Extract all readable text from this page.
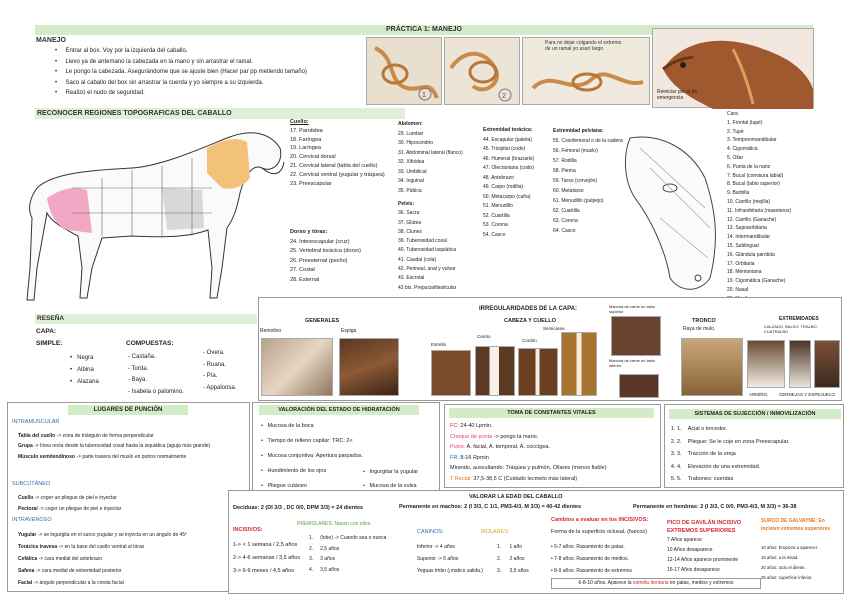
PRÁCTICA 1: MANEJO
MANEJO
•     Entrar al box. Voy por la izquierda del caballo.
•     Llevo ya de antemano la cabezada en la mano y sin arrastrar el ramal.
•     Le pongo la cabezada. Asegurándome que se ajuste bien (Hacer par pp metiendo tamaño)
•     Saco al caballo del box sin arrastrar la cuerda y yo siempre a su izquierda.
•     Realizo el nudo de seguridad.	1	2
Para no dejar colgando el extremo de un ramal yo usarí largo
Reiniciar por si de emergencia
RECONOCER REGIONES TOPOGRAFICAS DEL CABALLO
Cuello:
17. Parotidea
18. Faríngea
19. Laríngea
20. Cervical dorsal
21. Cervical lateral (tabla del cuello)
22. Cervical ventral (yugular y tráquea)
23. Preescapular
Dorso y tórax:
24. Interescapular (cruz)
25. Vertebral torácica (dorso)
26. Preesternal (pecho)
27. Costal
28. Esternal
Abdomen:
29. Lumbar
30. Hipocondrio
31. Abdominal lateral (flanco)
32. Xifoidea
33. Umbilical
34. Inguinal
35. Púbica
Pelvis:
36. Sacra
37. Glútea
38. Clunes
39. Tuberosidad coxal
40. Tuberosidad isquiática
41. Caudal (cola)
42. Perineal, anal y vulvar
43. Escrotal
43 bis. Prepucial/testicular
Extremidad torácica:
44. Escapular (paleta)
45. Tricipital (codo)
46. Humeral (brazuelo)
47. Olecraniana (codo)
48. Antebrazo
49. Carpo (rodilla)
50. Metacarpo (caña)
51. Menudillo
52. Cuartilla
53. Corona
54. Casco
Extremidad pelviana:
55. Coxofemoral o de la cadera
56. Femoral (muslo)
57. Rodilla
58. Pierna
59. Tarso (corvejón)
60. Metatarso
61. Menudillo (pulpejo)
62. Cuartilla
63. Corona
64. Casco
Cara
1. Frontal (tupé)
2. Tupé
3. Temporomandibular
4. Cigomática
5. Ollar
6. Punta de la nariz
7. Bucal (comisura labial)
8. Bucal (labio superior)
9. Barbilla
10. Carrillo (mejilla)
11. Infraorbitaria (maseteros)
12. Carrillo (Ganache)
13. Supraorbitaria
14. Intermandibular
15. Sublingual
16. Glándula parótida
17. Orbitaria
18. Mentoniana
19. Cigomática (Ganache)
20. Nasal
IRREGULARIDADES DE LA CAPA:
GENERALES
Remolino	Espiga
CABEZA Y CUELLO
Semicarea
Careto
Estrella
Cordón
Mancha de carne en labio superior
Mancha de carne en labio inferior
TRONCO
Raya de mulo.
EXTREMIDADES
CALZADO, BALSO, TRALBO, CUATRALBO
ARMIÑO, CERNEJAS Y ESPEJUELO
RESEÑA
CAPA:
SIMPLE:	COMPUESTAS:
•   Negra
•   Albina
•   Alazana
- Castaña.
- Torda.
- Baya.
- Isabela o palomino.
- Overa.
- Ruana.
- Pía.
- Appaloosa.
LUGARES DE PUNCIÓN
INTRAMUSCULAR
Tabla del cuello -> zona de triángulo de forma perpendicular
Grupa -> línea recta desde la tuberosidad coxal hasta la isquiática (aguja más grande)
Músculo semitendinoso -> parte trasera del muslo en potros normalmente
SUBCUTÁNEO
Cuello -> coger un pliegue de piel e inyectar
Pectoral -> coger un pliegue de piel e inyectar
INTRAVENOSO
Yugular -> se ingurgita en el surco yugular y se inyecta en un ángulo de 45º
Torácica travesa -> en la base del cuello ventral al tórax
Cefálica -> cara medial del antebrazo
Safena -> cara medial de extremidad posterior
Facial -> ángulo perpendicular a la cresta facial
VALORACIÓN DEL ESTADO DE HIDRATACIÓN
•   Mucosa de la boca
•   Tiempo de relleno capilar: TRC: 2<
•   Mucosa conjuntiva: Apertura parpados.
•   Hundimiento de los ojos
•   Pliegue cutáneo
•   Ingurgitar la yugular
•   Mucosa de la vulva
TOMA DE CONSTANTES VITALES
FC: 24-40 Lpmin.
Choque de punta -> pongo la mano.
Pulso: A. facial, A. temporal, A. coccígea.
FR: 8-16 Rpmin
Mirando, auscultando: Tráquea y pulmón, Ollares (menos fiable)
T Rectal: 37,5-38,5 C (Cuidado lecmeto más lateral)
SISTEMAS DE SUJECCIÓN / INMOVILIZACIÓN
1. 1.    Acial o torcedor.
2. 2.    Pliegue: Se le coje en zona Preescapular.
3. 3.    Tracción de la oreja
4. 4.    Elevación de una extremidad.
5. 5.    Trabones: cuerdas
VALORAR LA EDAD DEL CABALLO
Deciduas: 2 (DI 3/3 , DC 0/0, DPM 3/3) = 24 dientes	Permanente en machos: 2 (I 3/3, C 1/1, PM3-4/3, M 3/3) = 40-42 dientes	Permanente en hembras: 2 (I 3/3, C 0/0, PM3-4/3, M 3/3) = 36-38
INCISIVOS:
1-> < 1 semana / 2,5 años
2-> 4-6 semanas / 3,5 años
3-> 6-9 meses / 4,5 años
PREMOLARES: Nacen con ellos.
1. (lobo) -> Cuando sea o nunca
2. 2,5 años
3. 3 años
4. 3,5 años
CANINOS:
Inferior -> 4 años
Superior -> 5 años
Yeguas tmbn (¡matico salida.)
MOLARES:
1. 1 año
2. 2 años
3. 3,5 años
Cambios a evaluar en los INCISIVOS:
Forma de la superficie oclusal. (fuecos)
• 6-7 años. Rasamiento de palas.
• 7-8 años. Rasamiento de medios.
• 8-9 años. Rasamiento de extremos
PICO DE GAVILÁN INCISIVO EXTREMOS SUPERIORES
7 Años aparece
10 Años desaparece
12-14 Años aparece prominente
16-17 Años desaparece
SURCO DE GALVAYNE: En incisivo extremos superiores
10 años: Empieza a aparecer.
15 años: a la mitad.
20 años: todo el diente.
25 años: superficie inferior.
6-8-10 años. Aparece la estrella dentaria en palas, medios y extremos
